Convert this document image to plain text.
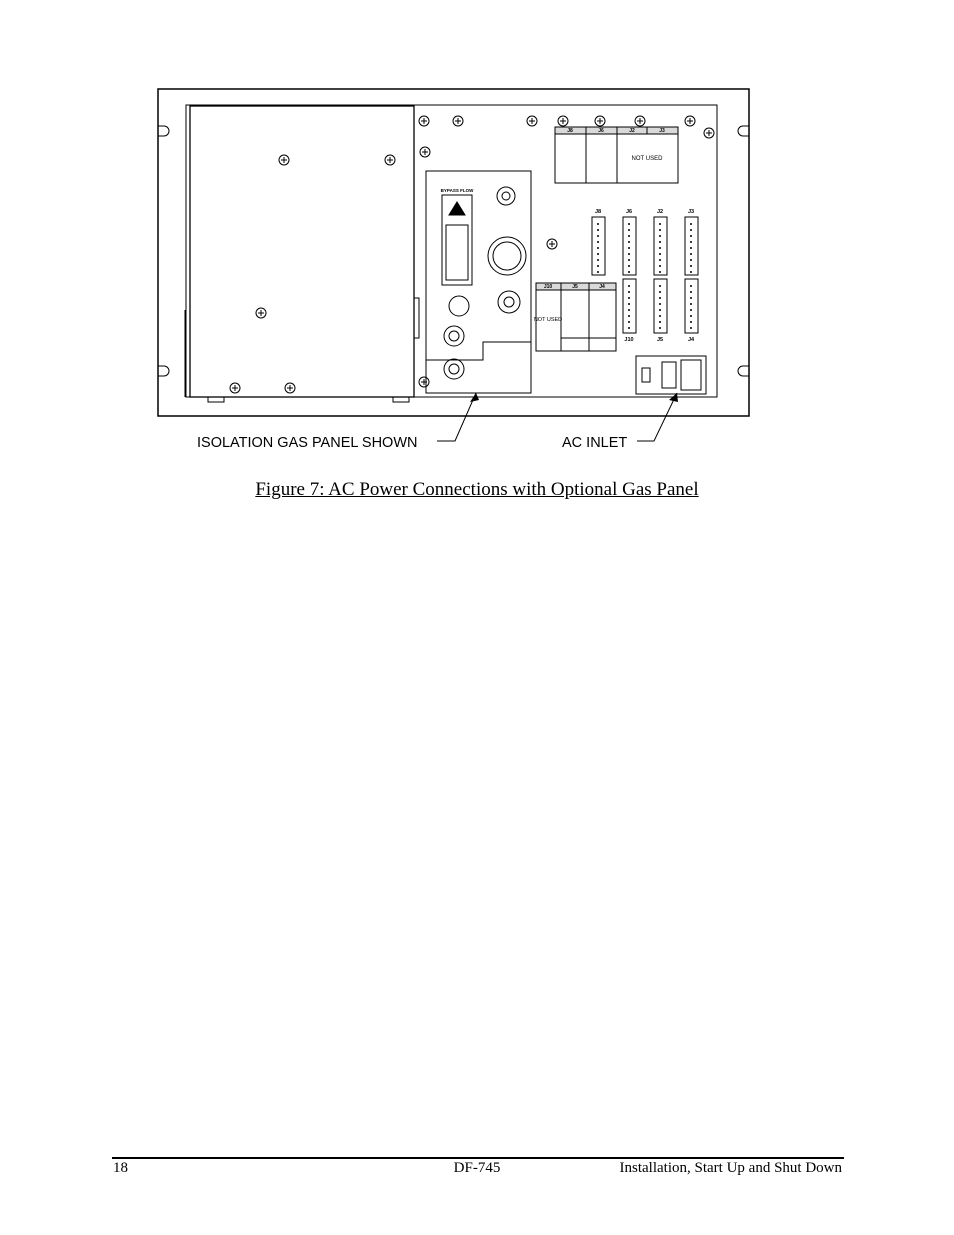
J8	J6	J2	J3
NOT USED
J8	J6	J2	J3
J10	J5	J4
J10	J5	J4
NOT USED
BYPASS FLOW
ISOLATION GAS PANEL SHOWN	AC INLET
Figure 7: AC Power Connections with Optional Gas Panel
18	DF-745	Installation, Start Up and Shut Down
